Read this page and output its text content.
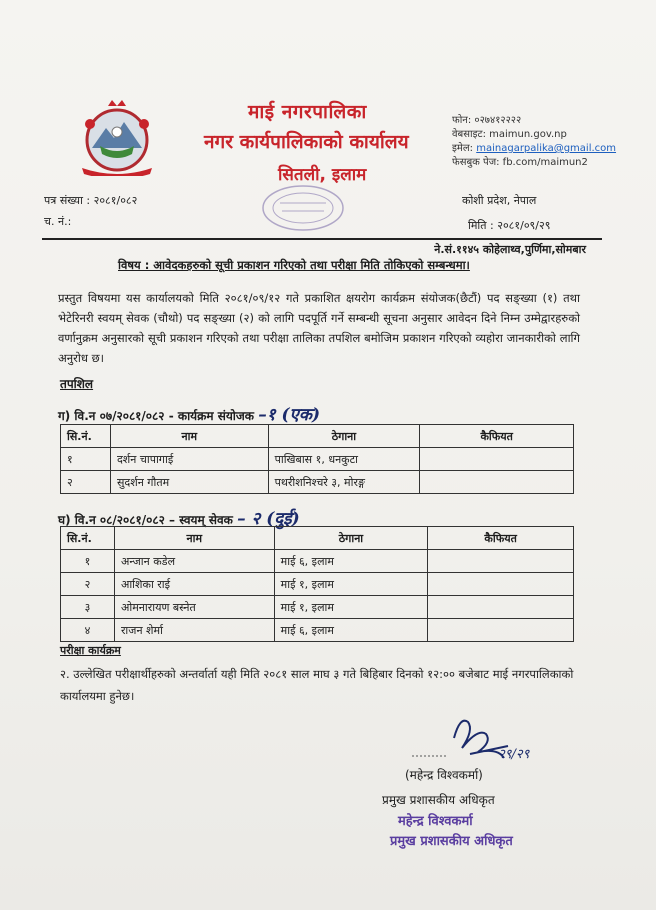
माई नगरपालिका
नगर कार्यपालिकाको कार्यालय
सितली, इलाम
फोन: ०२७४१२२२२
वेबसाइट: maimun.gov.np
इमेल: mainagarpalika@gmail.com
फेसबुक पेज: fb.com/maimun2
पत्र संख्या : २०८१/०८२
च. नं.:
कोशी प्रदेश, नेपाल
मिति : २०८१/०९/२९
ने.सं.११४५ कोहेलाथ्व,पुर्णिमा,सोमबार
विषय : आवेदकहरुको सूची प्रकाशन गरिएको तथा परीक्षा मिति तोकिएको सम्बन्धमा।
प्रस्तुत विषयमा यस कार्यालयको मिति २०८१/०९/१२ गते प्रकाशित क्षयरोग कार्यक्रम संयोजक(छैटौं) पद सङ्ख्या (१) तथा भेटेरिनरी स्वयम् सेवक (चौथो) पद सङ्ख्या (२) को लागि पदपूर्ति गर्ने सम्बन्धी सूचना अनुसार आवेदन दिने निम्न उम्मेद्वारहरुको वर्णानुक्रम अनुसारको सूची प्रकाशन गरिएको तथा परीक्षा तालिका तपशिल बमोजिम प्रकाशन गरिएको व्यहोरा जानकारीको लागि अनुरोध छ।
तपशिल
ग) वि.न ०७/२०८१/०८२ - कार्यक्रम संयोजक –१ (एक)
सि.नं.	नाम	ठेगाना	कैफियत
१	दर्शन चापागाई	पाखिबास १, धनकुटा	
२	सुदर्शन गौतम	पथरीशनिश्चरे ३, मोरङ्ग	
घ) वि.न ०८/२०८१/०८२ – स्वयम् सेवक – २ (दुई)
सि.नं.	नाम	ठेगाना	कैफियत
१	अन्जान कडेल	माई ६, इलाम	
२	आशिका राई	माई १, इलाम	
३	ओमनारायण बस्नेत	माई १, इलाम	
४	राजन शेर्मा	माई ६, इलाम	
परीक्षा कार्यक्रम
२. उल्लेखित परीक्षार्थीहरुको अन्तर्वार्ता यही मिति २०८१ साल माघ ३ गते बिहिबार दिनको १२:०० बजेबाट माई नगरपालिकाको कार्यालयमा हुनेछ।
२९/२९
(महेन्द्र विश्वकर्मा)
प्रमुख प्रशासकीय अधिकृत
महेन्द्र विश्वकर्मा
प्रमुख प्रशासकीय अधिकृत
